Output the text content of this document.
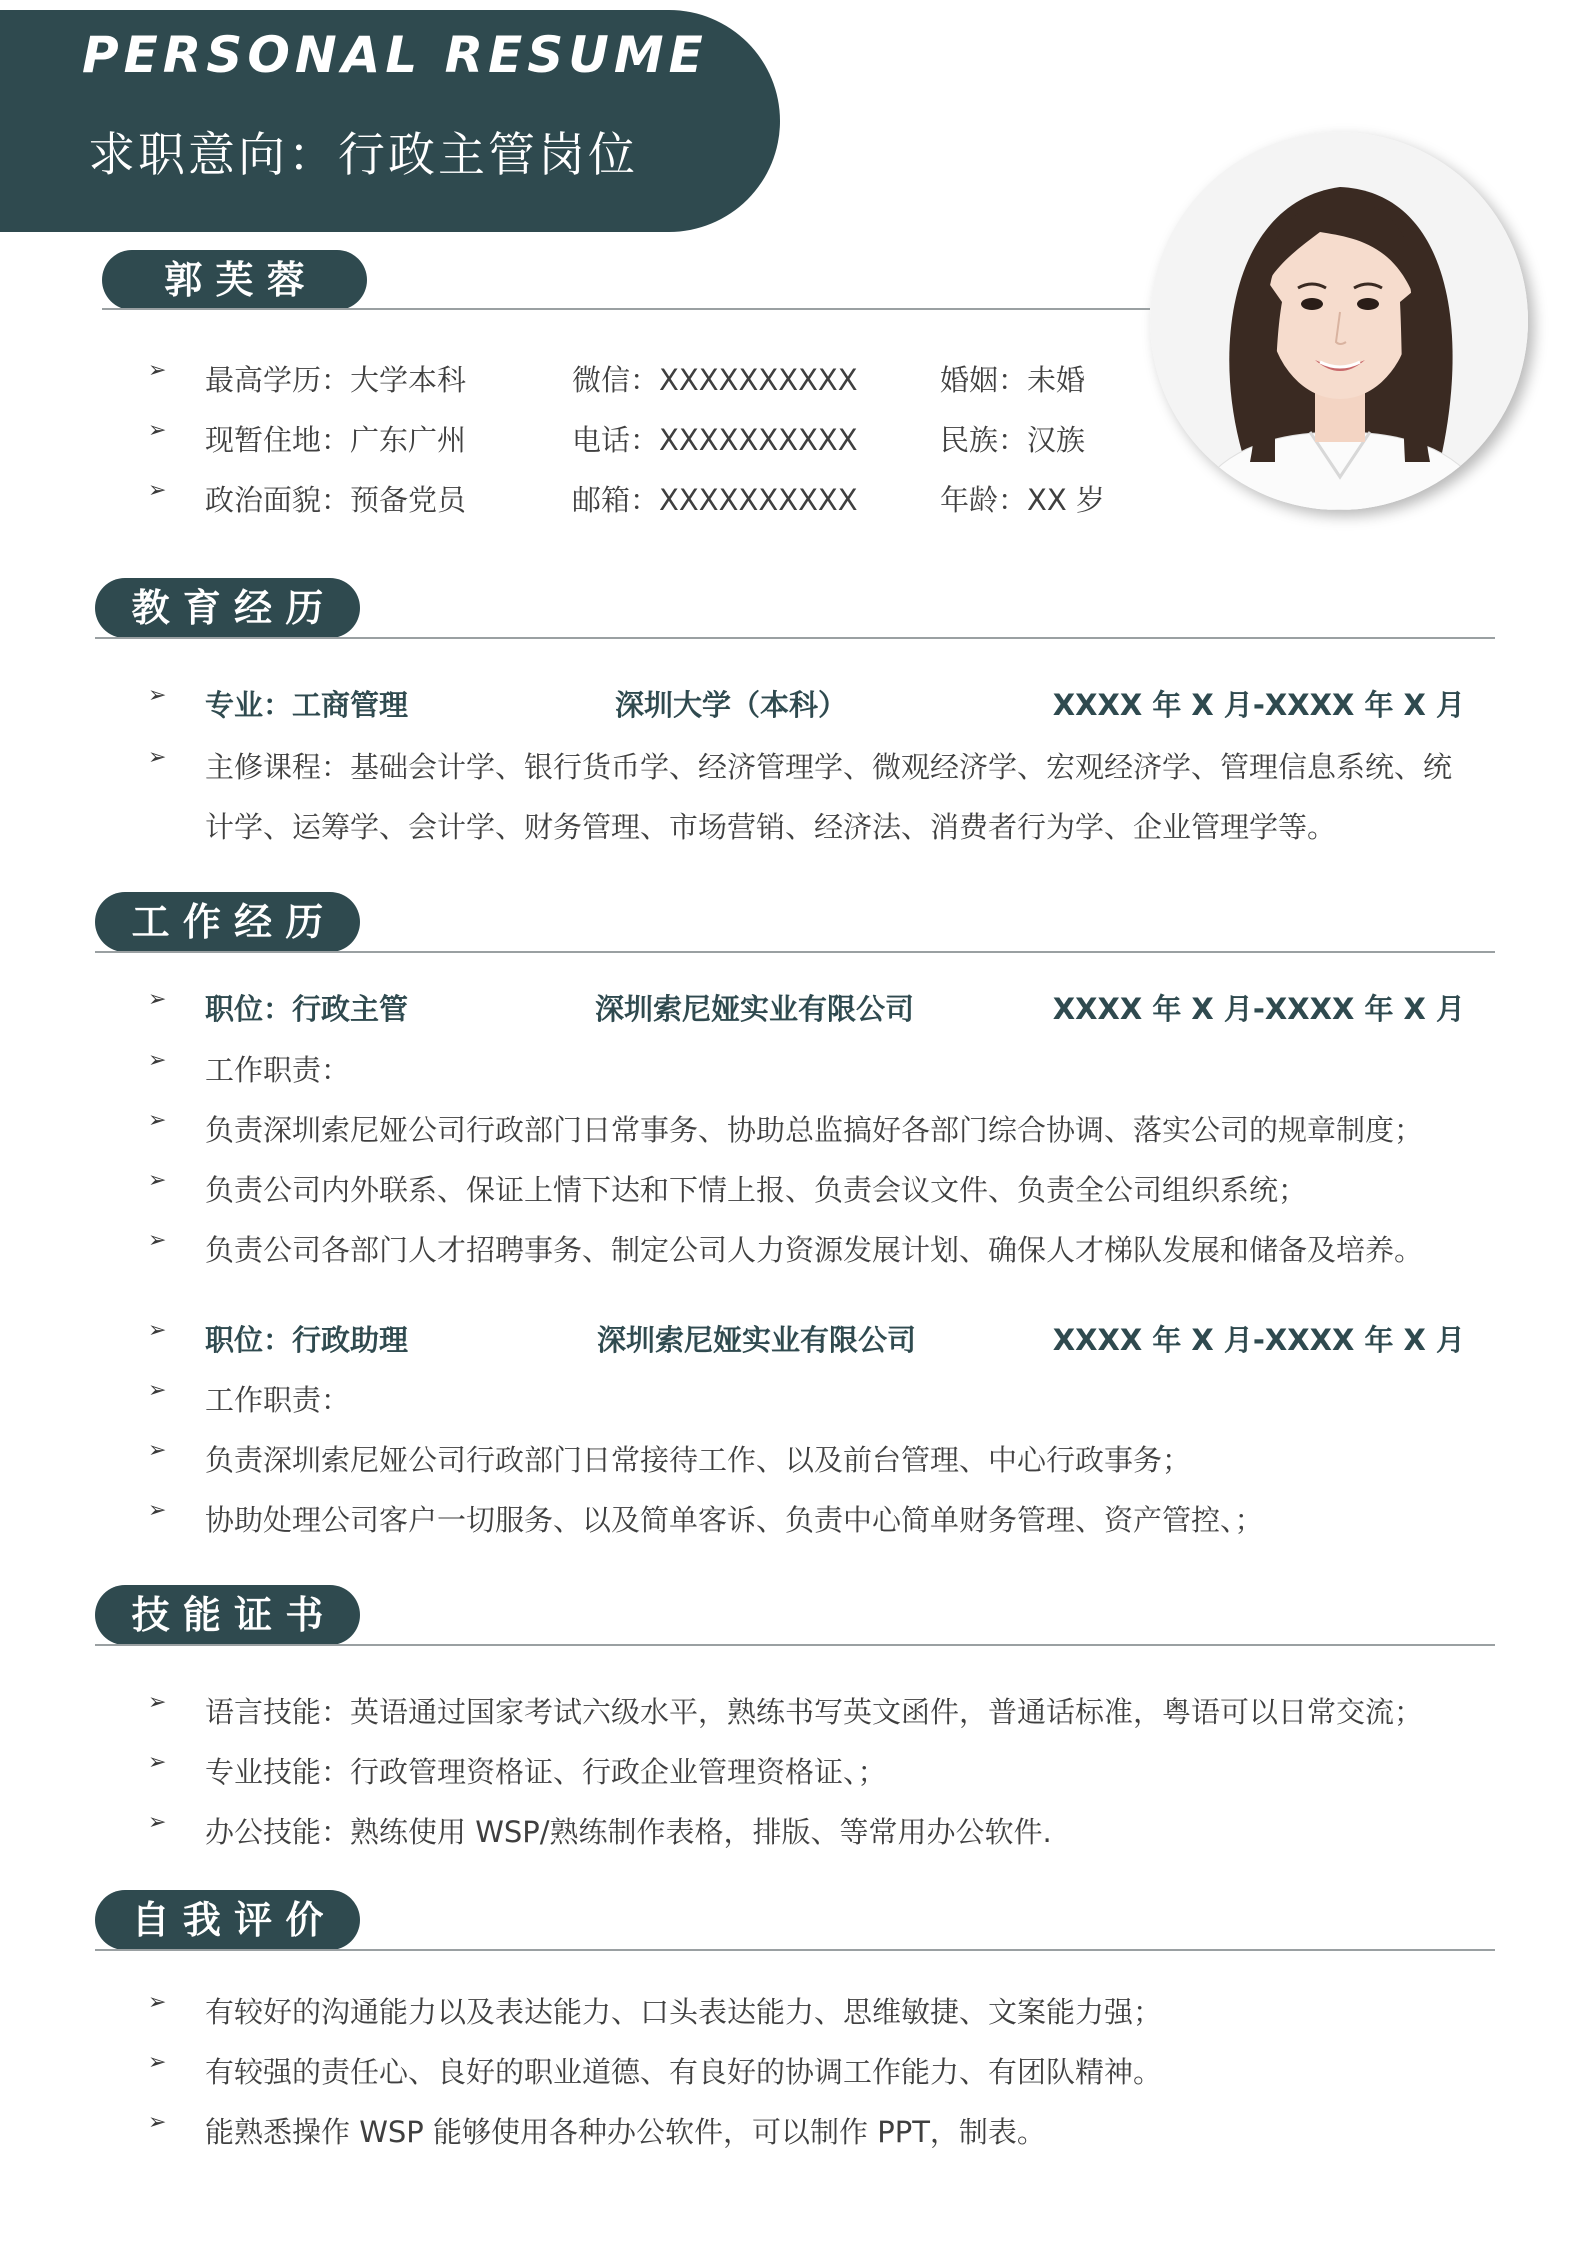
PERSONAL RESUME
求职意向：行政主管岗位
郭 芙 蓉
➢ 最高学历：大学本科	微信：XXXXXXXXXX	婚姻：未婚
➢ 现暂住地：广东广州	电话：XXXXXXXXXX	民族：汉族
➢ 政治面貌：预备党员	邮箱：XXXXXXXXXX	年龄：XX 岁
教 育 经 历
➢ 专业：工商管理	深圳大学（本科）	XXXX 年 X 月-XXXX 年 X 月
➢ 主修课程：基础会计学、银行货币学、经济管理学、微观经济学、宏观经济学、管理信息系统、统
计学、运筹学、会计学、财务管理、市场营销、经济法、消费者行为学、企业管理学等。
工 作 经 历
➢ 职位：行政主管	深圳索尼娅实业有限公司	XXXX 年 X 月-XXXX 年 X 月
➢ 工作职责：
➢ 负责深圳索尼娅公司行政部门日常事务、协助总监搞好各部门综合协调、落实公司的规章制度；
➢ 负责公司内外联系、保证上情下达和下情上报、负责会议文件、负责全公司组织系统；
➢ 负责公司各部门人才招聘事务、制定公司人力资源发展计划、确保人才梯队发展和储备及培养。
➢ 职位：行政助理	深圳索尼娅实业有限公司	XXXX 年 X 月-XXXX 年 X 月
➢ 工作职责：
➢ 负责深圳索尼娅公司行政部门日常接待工作、以及前台管理、中心行政事务；
➢ 协助处理公司客户一切服务、以及简单客诉、负责中心简单财务管理、资产管控、；
技 能 证 书
➢ 语言技能：英语通过国家考试六级水平，熟练书写英文函件，普通话标准，粤语可以日常交流；
➢ 专业技能：行政管理资格证、行政企业管理资格证、；
➢ 办公技能：熟练使用 WSP/熟练制作表格，排版、等常用办公软件.
自 我 评 价
➢ 有较好的沟通能力以及表达能力、口头表达能力、思维敏捷、文案能力强；
➢ 有较强的责任心、良好的职业道德、有良好的协调工作能力、有团队精神。
➢ 能熟悉操作 WSP 能够使用各种办公软件，可以制作 PPT，制表。
